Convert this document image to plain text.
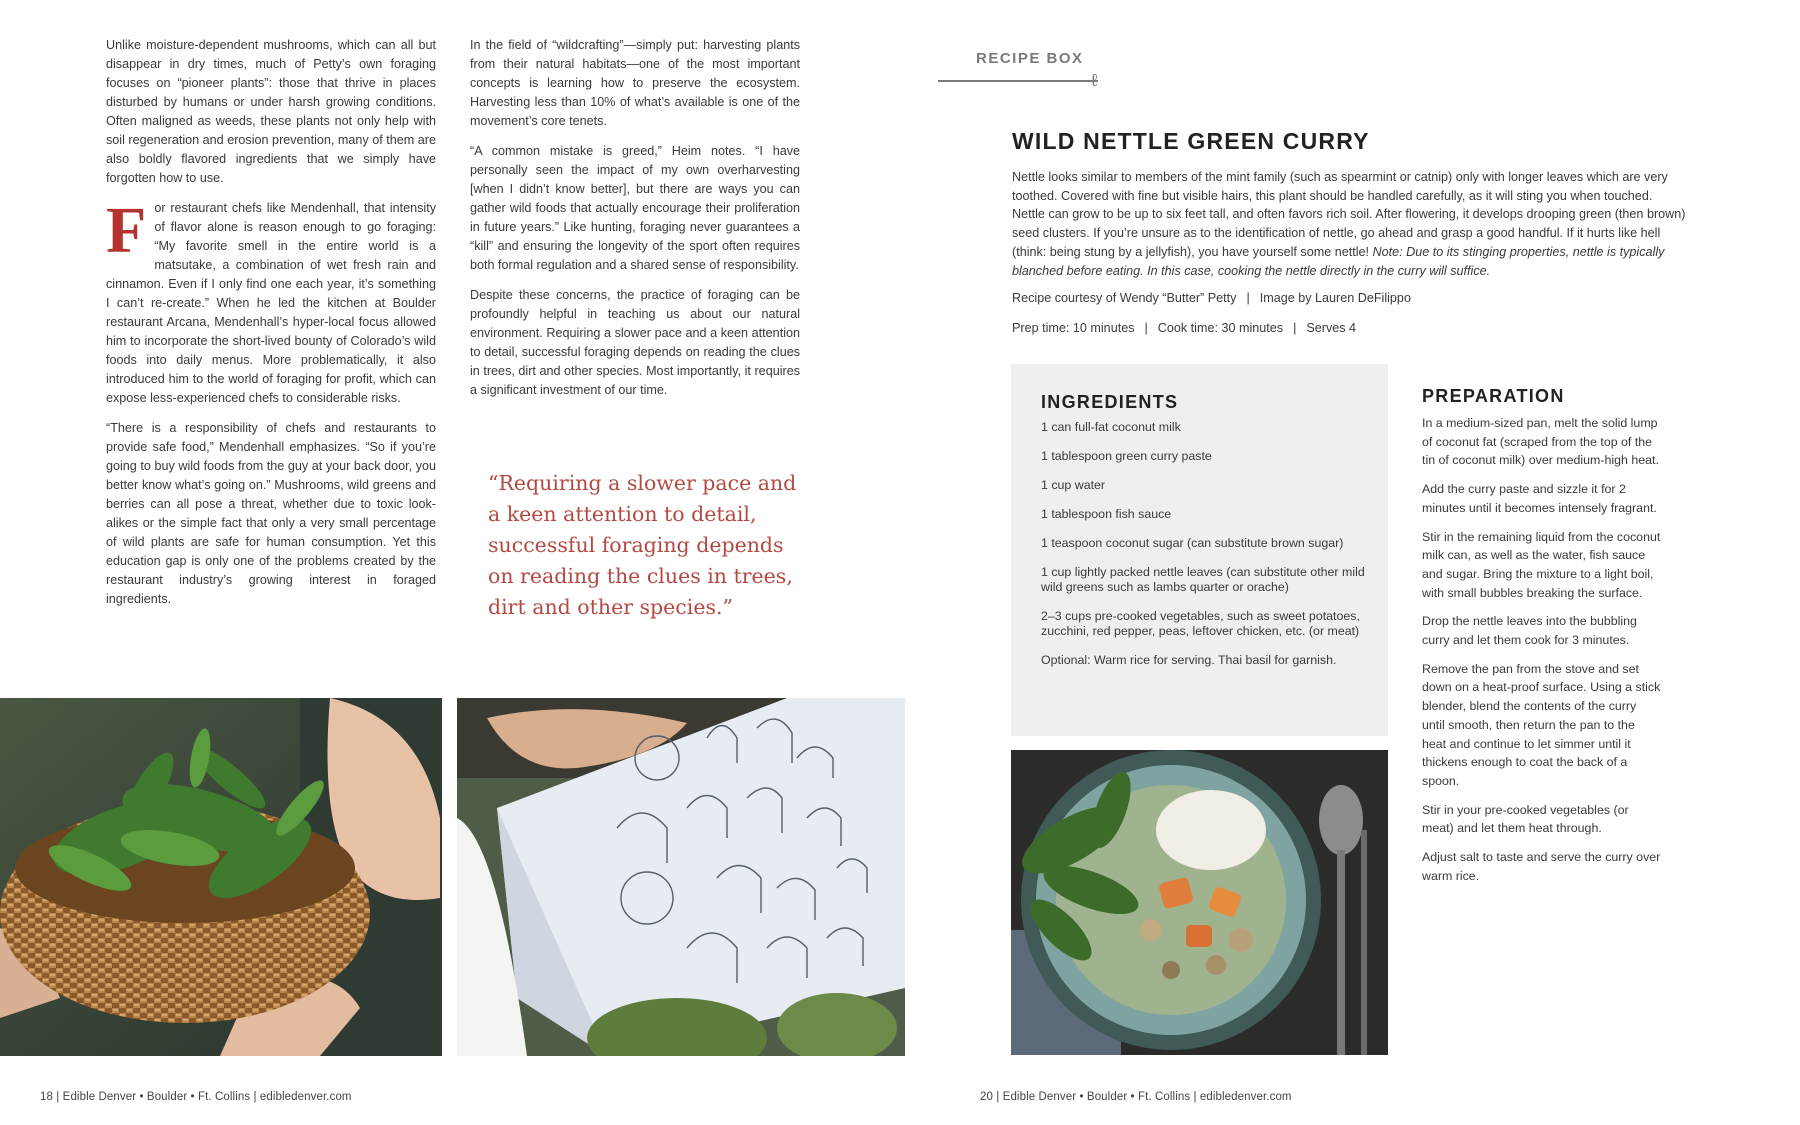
Unlike moisture-dependent mushrooms, which can all but disappear in dry times, much of Petty’s own foraging focuses on “pioneer plants”: those that thrive in places disturbed by humans or under harsh growing conditions. Often maligned as weeds, these plants not only help with soil regeneration and erosion prevention, many of them are also boldly flavored ingredients that we simply have forgotten how to use.

For restaurant chefs like Mendenhall, that intensity of flavor alone is reason enough to go foraging: “My favorite smell in the entire world is a matsutake, a combination of wet fresh rain and cinnamon. Even if I only find one each year, it’s something I can’t re-create.” When he led the kitchen at Boulder restaurant Arcana, Mendenhall’s hyper-local focus allowed him to incorporate the short-lived bounty of Colorado’s wild foods into daily menus. More problematically, it also introduced him to the world of foraging for profit, which can expose less-experienced chefs to considerable risks.

“There is a responsibility of chefs and restaurants to provide safe food,” Mendenhall emphasizes. “So if you’re going to buy wild foods from the guy at your back door, you better know what’s going on.” Mushrooms, wild greens and berries can all pose a threat, whether due to toxic look-alikes or the simple fact that only a very small percentage of wild plants are safe for human consumption. Yet this education gap is only one of the problems created by the restaurant industry’s growing interest in foraged ingredients.

In the field of “wildcrafting”—simply put: harvesting plants from their natural habitats—one of the most important concepts is learning how to preserve the ecosystem. Harvesting less than 10% of what’s available is one of the movement’s core tenets.

“A common mistake is greed,” Heim notes. “I have personally seen the impact of my own overharvesting [when I didn’t know better], but there are ways you can gather wild foods that actually encourage their proliferation in future years.” Like hunting, foraging never guarantees a “kill” and ensuring the longevity of the sport often requires both formal regulation and a shared sense of responsibility.

Despite these concerns, the practice of foraging can be profoundly helpful in teaching us about our natural environment. Requiring a slower pace and a keen attention to detail, successful foraging depends on reading the clues in trees, dirt and other species. Most importantly, it requires a significant investment of our time.

“Requiring a slower pace and a keen attention to detail, successful foraging depends on reading the clues in trees, dirt and other species.”
18 | Edible Denver • Boulder • Ft. Collins | edibledenver.com
RECIPE BOX
ℓ
WILD NETTLE GREEN CURRY
Nettle looks similar to members of the mint family (such as spearmint or catnip) only with longer leaves which are very toothed. Covered with fine but visible hairs, this plant should be handled carefully, as it will sting you when touched. Nettle can grow to be up to six feet tall, and often favors rich soil. After flowering, it develops drooping green (then brown) seed clusters. If you’re unsure as to the identification of nettle, go ahead and grasp a good handful. If it hurts like hell (think: being stung by a jellyfish), you have yourself some nettle! Note: Due to its stinging properties, nettle is typically blanched before eating. In this case, cooking the nettle directly in the curry will suffice.
Recipe courtesy of Wendy “Butter” Petty | Image by Lauren DeFilippo
Prep time: 10 minutes | Cook time: 30 minutes | Serves 4
INGREDIENTS
1 can full-fat coconut milk
1 tablespoon green curry paste
1 cup water
1 tablespoon fish sauce
1 teaspoon coconut sugar (can substitute brown sugar)
1 cup lightly packed nettle leaves (can substitute other mild wild greens such as lambs quarter or orache)
2–3 cups pre-cooked vegetables, such as sweet potatoes, zucchini, red pepper, peas, leftover chicken, etc. (or meat)
Optional: Warm rice for serving. Thai basil for garnish.
PREPARATION
In a medium-sized pan, melt the solid lump of coconut fat (scraped from the top of the tin of coconut milk) over medium-high heat.
Add the curry paste and sizzle it for 2 minutes until it becomes intensely fragrant.
Stir in the remaining liquid from the coconut milk can, as well as the water, fish sauce and sugar. Bring the mixture to a light boil, with small bubbles breaking the surface.
Drop the nettle leaves into the bubbling curry and let them cook for 3 minutes.
Remove the pan from the stove and set down on a heat-proof surface. Using a stick blender, blend the contents of the curry until smooth, then return the pan to the heat and continue to let simmer until it thickens enough to coat the back of a spoon.
Stir in your pre-cooked vegetables (or meat) and let them heat through.
Adjust salt to taste and serve the curry over warm rice.
20 | Edible Denver • Boulder • Ft. Collins | edibledenver.com
